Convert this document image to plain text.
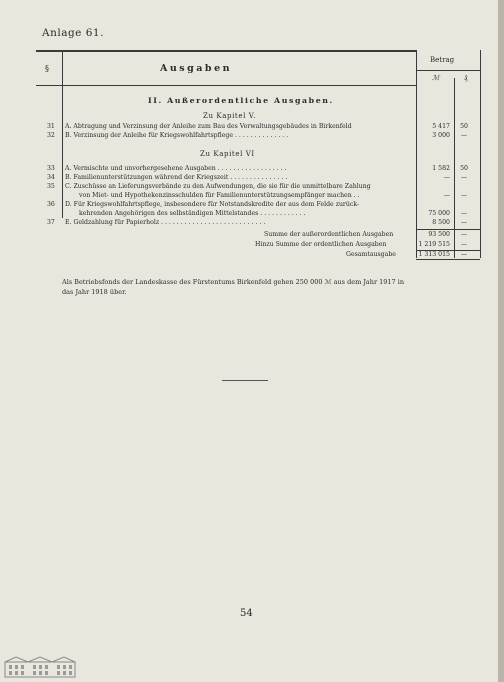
Anlage 61.
§	Ausgaben
Betrag
ℳ	₰
II. Außerordentliche Ausgaben.
Zu Kapitel V.
31 A. Abtragung und Verzinsung der Anleihe zum Bau des Verwaltungsgebäudes in Birkenfeld	5 417	50
32 B. Verzinsung der Anleihe für Kriegswohlfahrtspflege . . . . . . . . . . . . . .	3 000	—
Zu Kapitel VI
33 A. Vermischte und unvorhergesehene Ausgaben . . . . . . . . . . . . . . . . . .	1 582	50
34 B. Familienunterstützungen während der Kriegszeit . . . . . . . . . . . . . . .	—	—
35 C. Zuschüsse an Lieferungsverbände zu den Aufwendungen, die sie für die unmittelbare Zahlung
von Miet- und Hypothekenzinsschulden für Familienunterstützungsempfänger machen . .	—	—
36 D. Für Kriegswohlfahrtspflege, insbesondere für Notstandskredite der aus dem Felde zurück-
kehrenden Angehörigen des selbständigen Mittelstandes . . . . . . . . . . . .	75 000	—
37 E. Geldzahlung für Papierholz . . . . . . . . . . . . . . . . . . . . . . . . . . .	8 500	—
Summe der außerordentlichen Ausgaben	93 500	—
Hinzu Summe der ordentlichen Ausgaben	1 219 515	—
Gesamtausgabe	1 313 015	—
Als Betriebsfonds der Landeskasse des Fürstentums Birkenfeld gehen 250 000 ℳ aus dem Jahr 1917 in das Jahr 1918 über.
54
